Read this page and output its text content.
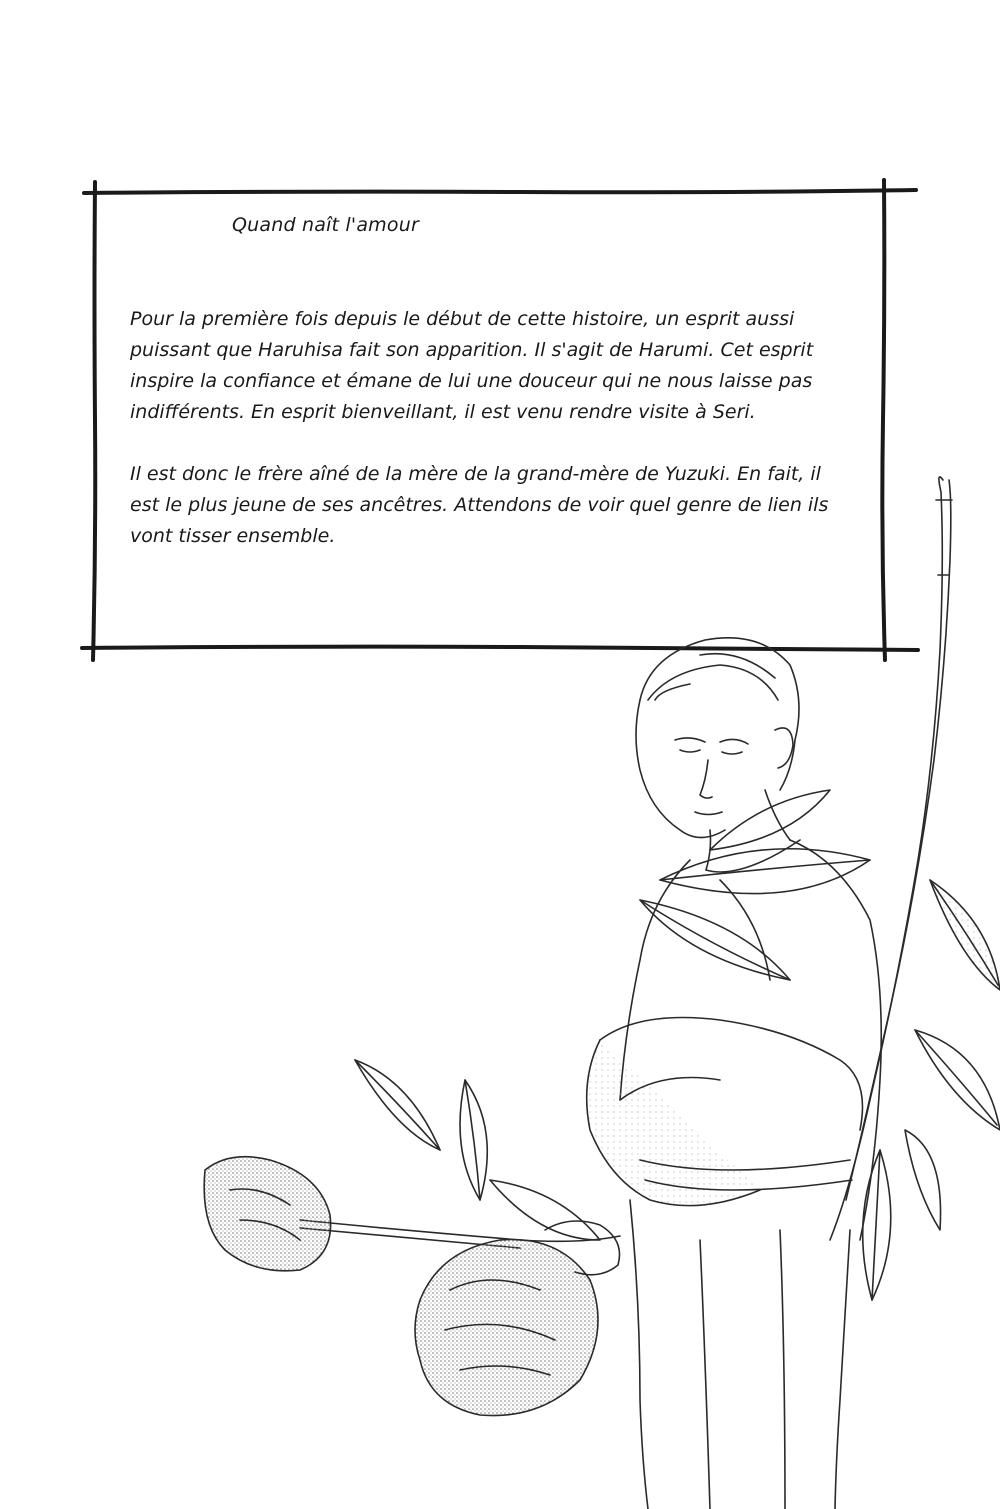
Quand naît l'amour

Pour la première fois depuis le début de cette histoire, un esprit aussi puissant que Haruhisa fait son apparition. Il s'agit de Harumi. Cet esprit inspire la confiance et émane de lui une douceur qui ne nous laisse pas indifférents. En esprit bienveillant, il est venu rendre visite à Seri.

Il est donc le frère aîné de la mère de la grand-mère de Yuzuki. En fait, il est le plus jeune de ses ancêtres. Attendons de voir quel genre de lien ils vont tisser ensemble.
